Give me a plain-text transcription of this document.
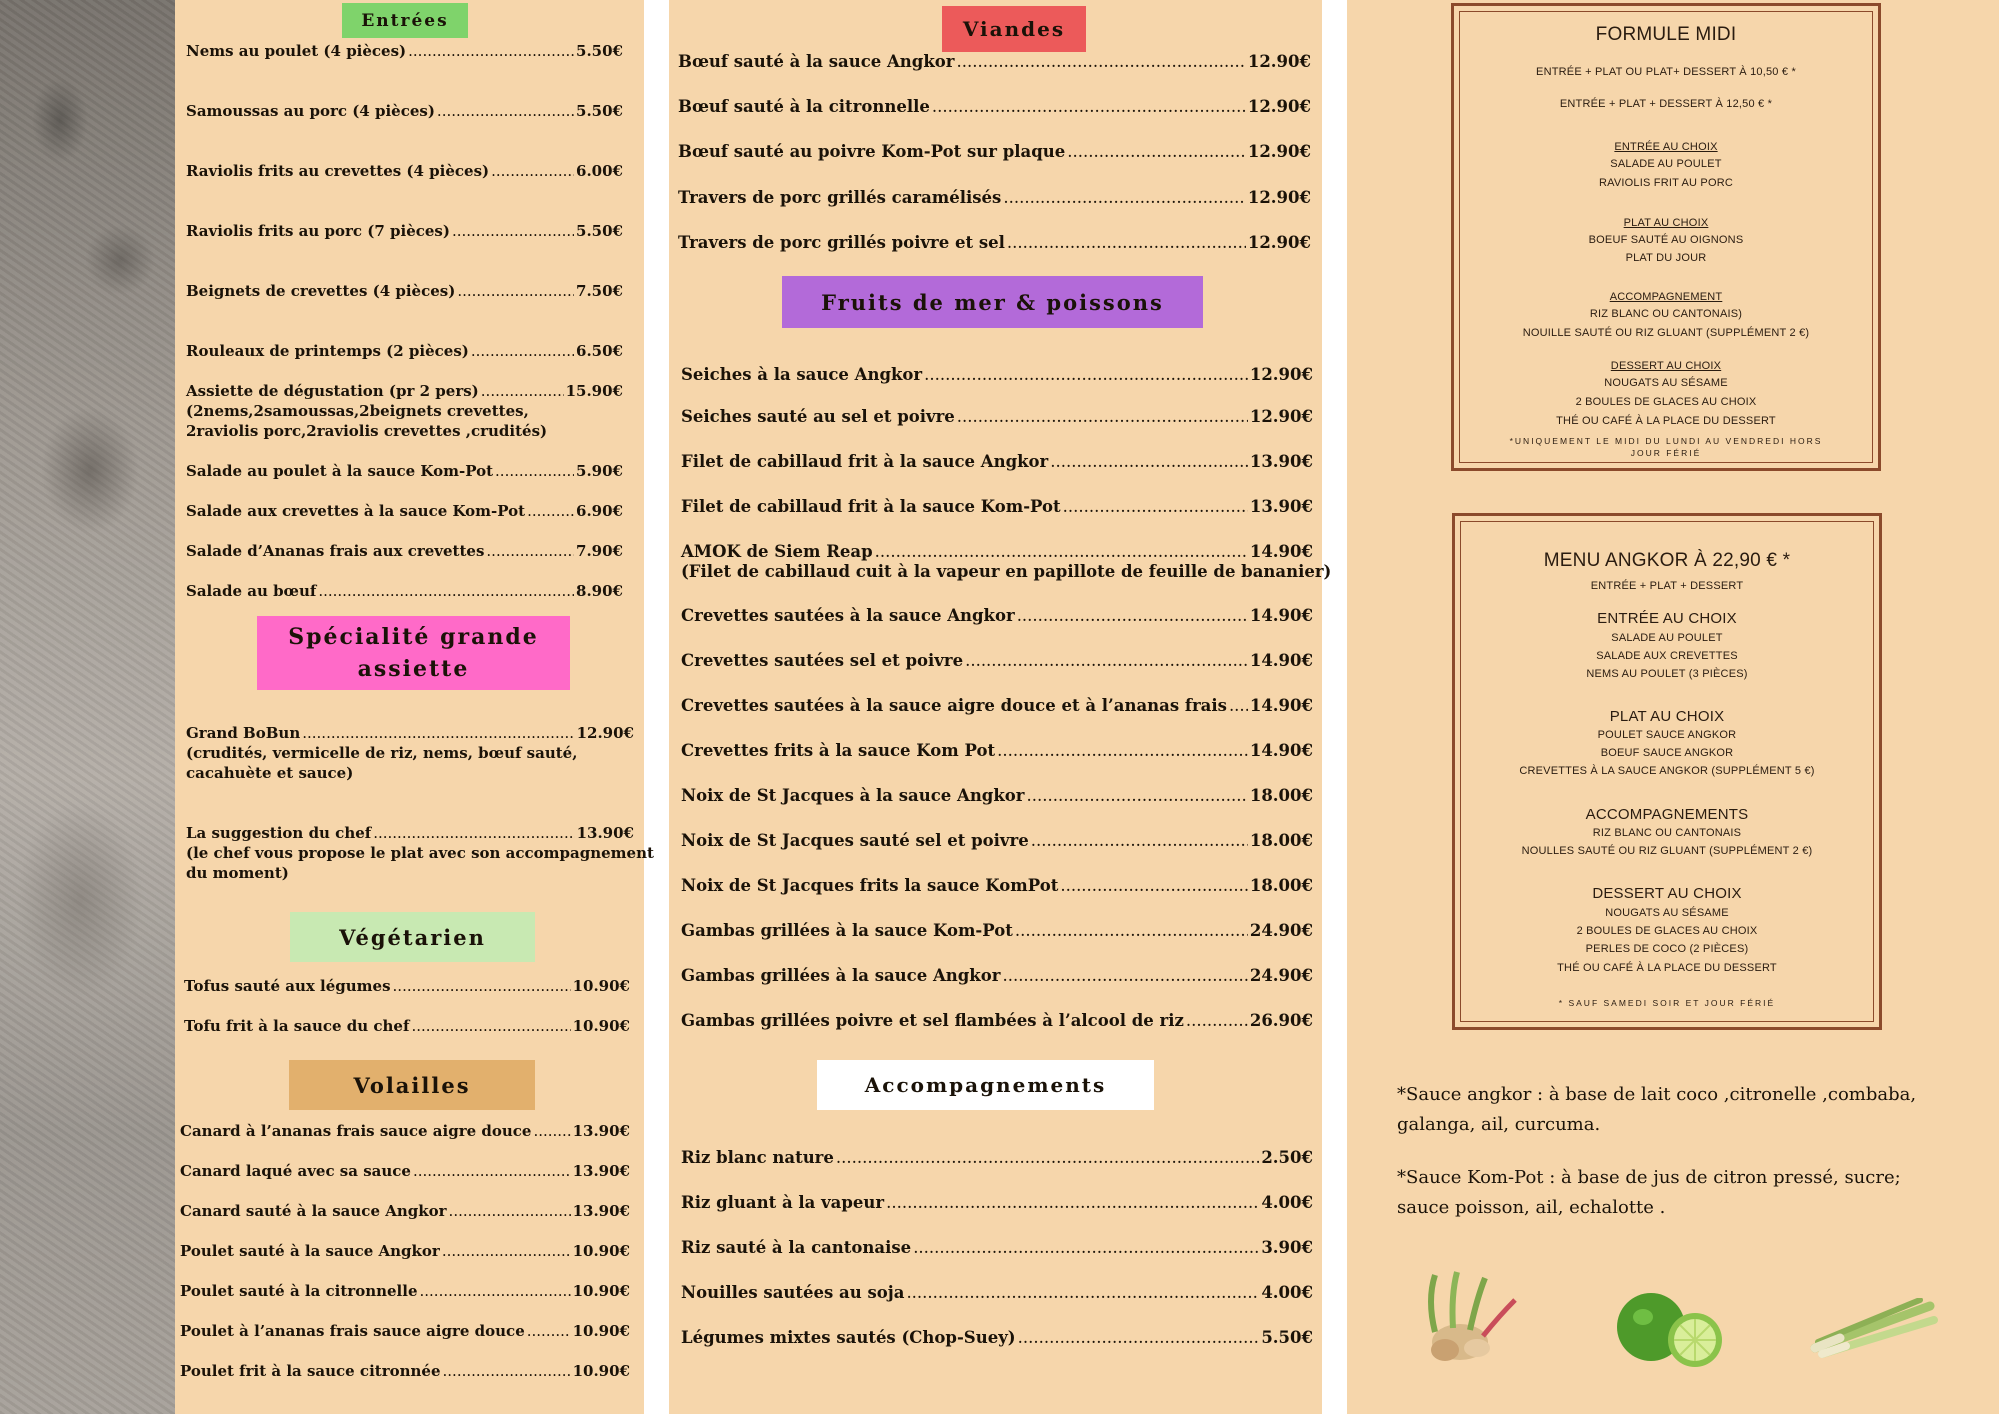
Entrées
Nems au poulet (4 pièces) .....	5.50€
Samoussas au porc (4 pièces) .....	5.50€
Raviolis frits au crevettes (4 pièces) .....	6.00€
Raviolis frits au porc (7 pièces) .....	5.50€
Beignets de crevettes (4 pièces) .....	7.50€
Rouleaux de printemps (2 pièces) .....	6.50€
Assiette de dégustation (pr 2 pers) .....	15.90€
(2nems,2samoussas,2beignets crevettes,
2raviolis porc,2raviolis crevettes ,crudités)
Salade au poulet à la sauce Kom-Pot .....	5.90€
Salade aux crevettes à la sauce Kom-Pot .....	6.90€
Salade d’Ananas frais aux crevettes .....	7.90€
Salade au bœuf .....	8.90€
Spécialité grande
assiette
Grand BoBun .....	12.90€
(crudités, vermicelle de riz, nems, bœuf sauté,
cacahuète et sauce)
La suggestion du chef .....	13.90€
(le chef vous propose le plat avec son accompagnement
du moment)
Végétarien
Tofus sauté aux légumes .....	10.90€
Tofu frit à la sauce du chef .....	10.90€
Volailles
Canard à l’ananas frais sauce aigre douce .....	13.90€
Canard laqué avec sa sauce .....	13.90€
Canard sauté à la sauce Angkor .....	13.90€
Poulet sauté à la sauce Angkor .....	10.90€
Poulet sauté à la citronnelle .....	10.90€
Poulet à l’ananas frais sauce aigre douce .....	10.90€
Poulet frit à la sauce citronnée .....	10.90€
Viandes
Bœuf sauté à la sauce Angkor .....	12.90€
Bœuf sauté à la citronnelle .....	12.90€
Bœuf sauté au poivre Kom-Pot sur plaque .....	12.90€
Travers de porc grillés caramélisés .....	12.90€
Travers de porc grillés poivre et sel .....	12.90€
Fruits de mer & poissons
Seiches à la sauce Angkor .....	12.90€
Seiches sauté au sel et poivre .....	12.90€
Filet de cabillaud frit à la sauce Angkor .....	13.90€
Filet de cabillaud frit à la sauce Kom-Pot .....	13.90€
AMOK de Siem Reap .....	14.90€
(Filet de cabillaud cuit à la vapeur en papillote de feuille de bananier)
Crevettes sautées à la sauce Angkor .....	14.90€
Crevettes sautées sel et poivre .....	14.90€
Crevettes sautées à la sauce aigre douce et à l’ananas frais ..... 14.90€
Crevettes frits à la sauce Kom Pot .....	14.90€
Noix de St Jacques à la sauce Angkor .....	18.00€
Noix de St Jacques sauté sel et poivre .....	18.00€
Noix de St Jacques frits la sauce KomPot .....	18.00€
Gambas grillées à la sauce Kom-Pot .....	24.90€
Gambas grillées à la sauce Angkor .....	24.90€
Gambas grillées poivre et sel flambées à l’alcool de riz .....	26.90€
Accompagnements
Riz blanc nature .....	2.50€
Riz gluant à la vapeur .....	4.00€
Riz sauté à la cantonaise .....	3.90€
Nouilles sautées au soja .....	4.00€
Légumes mixtes sautés (Chop-Suey) .....	5.50€
FORMULE MIDI
ENTRÉE + PLAT OU PLAT+ DESSERT À 10,50 € *
ENTRÉE + PLAT + DESSERT À 12,50 € *
ENTRÉE AU CHOIX
SALADE AU POULET
RAVIOLIS FRIT AU PORC
PLAT AU CHOIX
BOEUF SAUTÉ AU OIGNONS
PLAT DU JOUR
ACCOMPAGNEMENT
RIZ BLANC OU CANTONAIS)
NOUILLE SAUTÉ OU RIZ GLUANT (SUPPLÉMENT 2 €)
DESSERT AU CHOIX
NOUGATS AU SÉSAME
2 BOULES DE GLACES AU CHOIX
THÉ OU CAFÉ À LA PLACE DU DESSERT
*UNIQUEMENT LE MIDI DU LUNDI AU VENDREDI HORS
JOUR FÉRIÉ
MENU ANGKOR À 22,90 € *
ENTRÉE + PLAT + DESSERT
ENTRÉE AU CHOIX
SALADE AU POULET
SALADE AUX CREVETTES
NEMS AU POULET (3 PIÈCES)
PLAT AU CHOIX
POULET SAUCE ANGKOR
BOEUF SAUCE ANGKOR
CREVETTES À LA SAUCE ANGKOR (SUPPLÉMENT 5 €)
ACCOMPAGNEMENTS
RIZ BLANC OU CANTONAIS
NOULLES SAUTÉ OU RIZ GLUANT (SUPPLÉMENT 2 €)
DESSERT AU CHOIX
NOUGATS AU SÉSAME
2 BOULES DE GLACES AU CHOIX
PERLES DE COCO (2 PIÈCES)
THÉ OU CAFÉ À LA PLACE DU DESSERT
* SAUF SAMEDI SOIR ET JOUR FÉRIÉ
*Sauce angkor : à base de lait coco ,citronelle ,combaba, galanga, ail, curcuma.
*Sauce Kom-Pot : à base de jus de citron pressé, sucre; sauce poisson, ail, echalotte .
